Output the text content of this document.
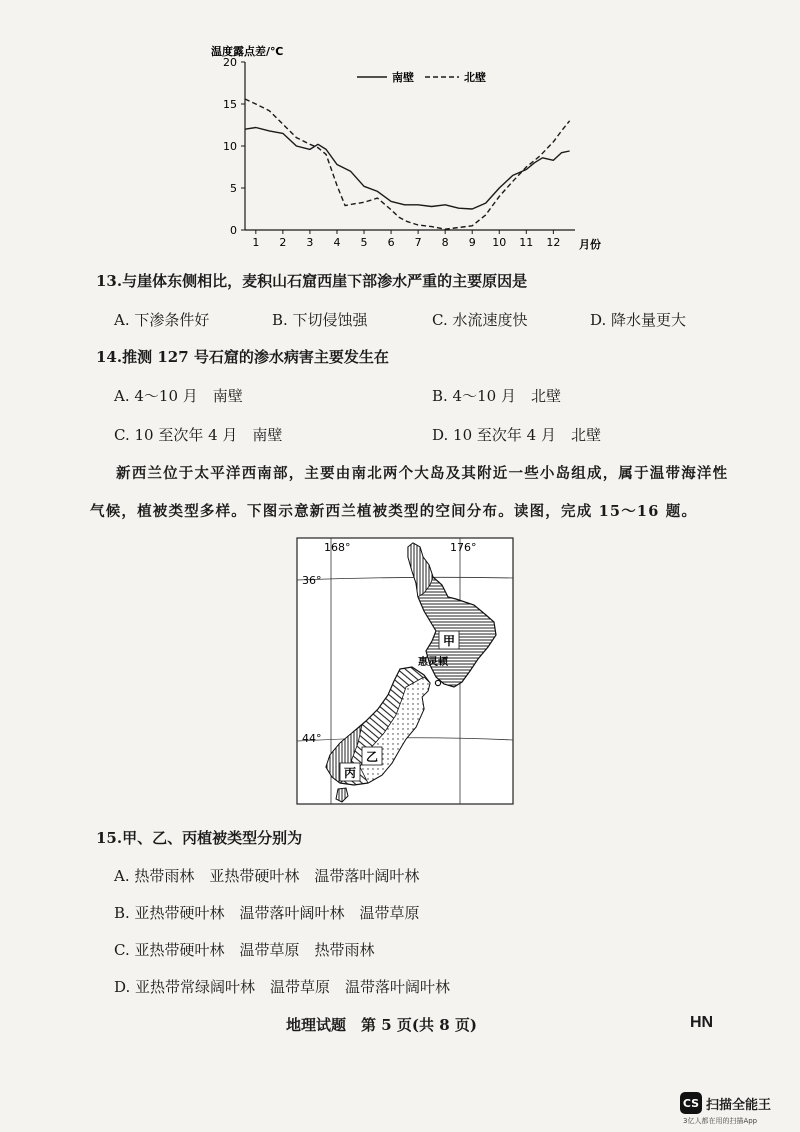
温度露点差/℃
0
5
10
15
20
1 2 3 4 5 6 7 8 9 10 11 12
南壁	北壁
月份
13.与崖体东侧相比，麦积山石窟西崖下部渗水严重的主要原因是
A. 下渗条件好	B. 下切侵蚀强	C. 水流速度快	D. 降水量更大
14.推测 127 号石窟的渗水病害主要发生在
A. 4～10 月　南壁	B. 4～10 月　北壁
C. 10 至次年 4 月　南壁	D. 10 至次年 4 月　北壁
新西兰位于太平洋西南部，主要由南北两个大岛及其附近一些小岛组成，属于温带海洋性
气候，植被类型多样。下图示意新西兰植被类型的空间分布。读图，完成 15～16 题。
甲
乙
丙
惠灵顿
168°	176°
36°
44°
15.甲、乙、丙植被类型分别为
A. 热带雨林　亚热带硬叶林　温带落叶阔叶林
B. 亚热带硬叶林　温带落叶阔叶林　温带草原
C. 亚热带硬叶林　温带草原　热带雨林
D. 亚热带常绿阔叶林　温带草原　温带落叶阔叶林
地理试题　第 5 页(共 8 页)	HN
CS 扫描全能王
3亿人都在用的扫描App
